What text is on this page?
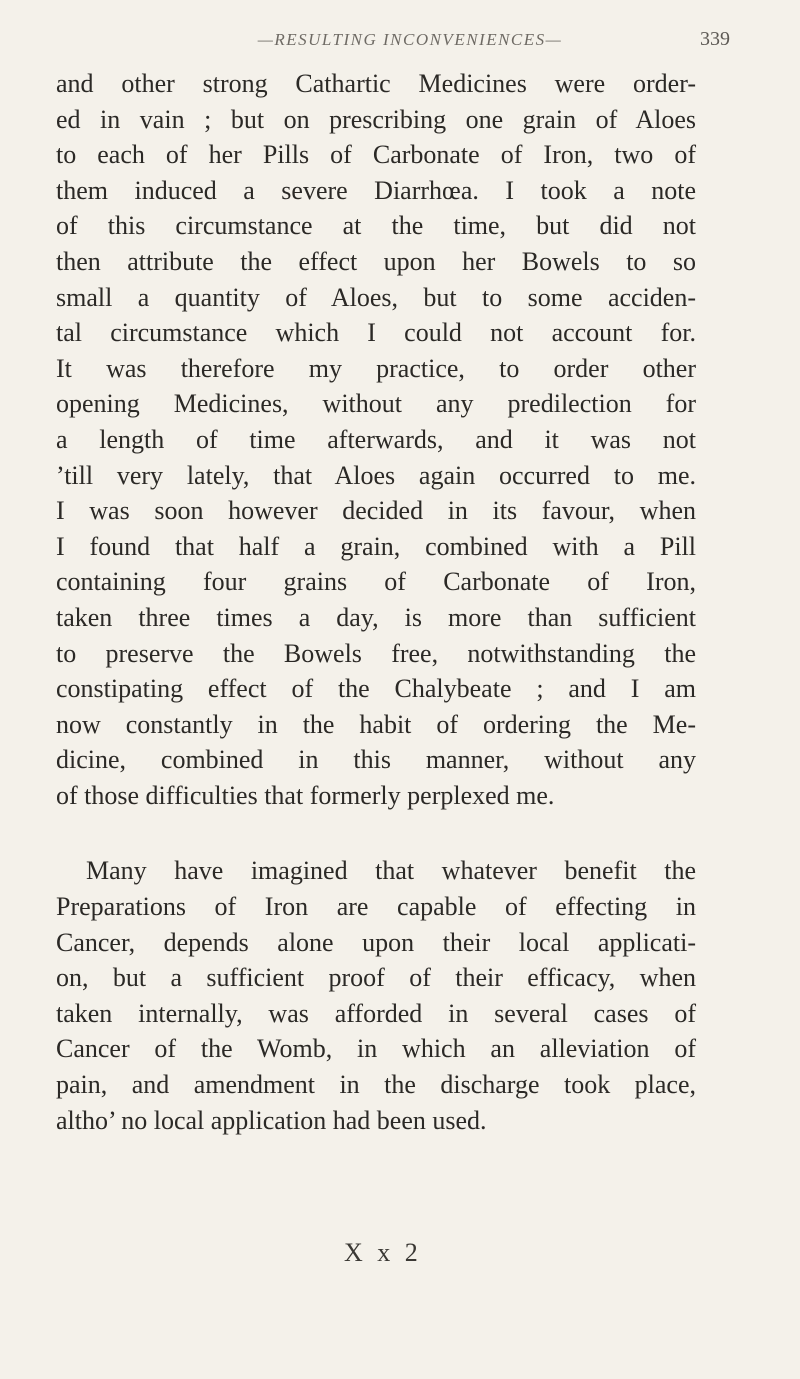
—RESULTING INCONVENIENCES—	339
and other strong Cathartic Medicines were order-
ed in vain ; but on prescribing one grain of Aloes
to each of her Pills of Carbonate of Iron, two of
them induced a severe Diarrhœa. I took a note
of this circumstance at the time, but did not
then attribute the effect upon her Bowels to so
small a quantity of Aloes, but to some acciden-
tal circumstance which I could not account for.
It was therefore my practice, to order other
opening Medicines, without any predilection for
a length of time afterwards, and it was not
’till very lately, that Aloes again occurred to me.
I was soon however decided in its favour, when
I found that half a grain, combined with a Pill
containing four grains of Carbonate of Iron,
taken three times a day, is more than sufficient
to preserve the Bowels free, notwithstanding the
constipating effect of the Chalybeate ; and I am
now constantly in the habit of ordering the Me-
dicine, combined in this manner, without any
of those difficulties that formerly perplexed me.
Many have imagined that whatever benefit the
Preparations of Iron are capable of effecting in
Cancer, depends alone upon their local applicati-
on, but a sufficient proof of their efficacy, when
taken internally, was afforded in several cases of
Cancer of the Womb, in which an alleviation of
pain, and amendment in the discharge took place,
altho’ no local application had been used.
X x 2
